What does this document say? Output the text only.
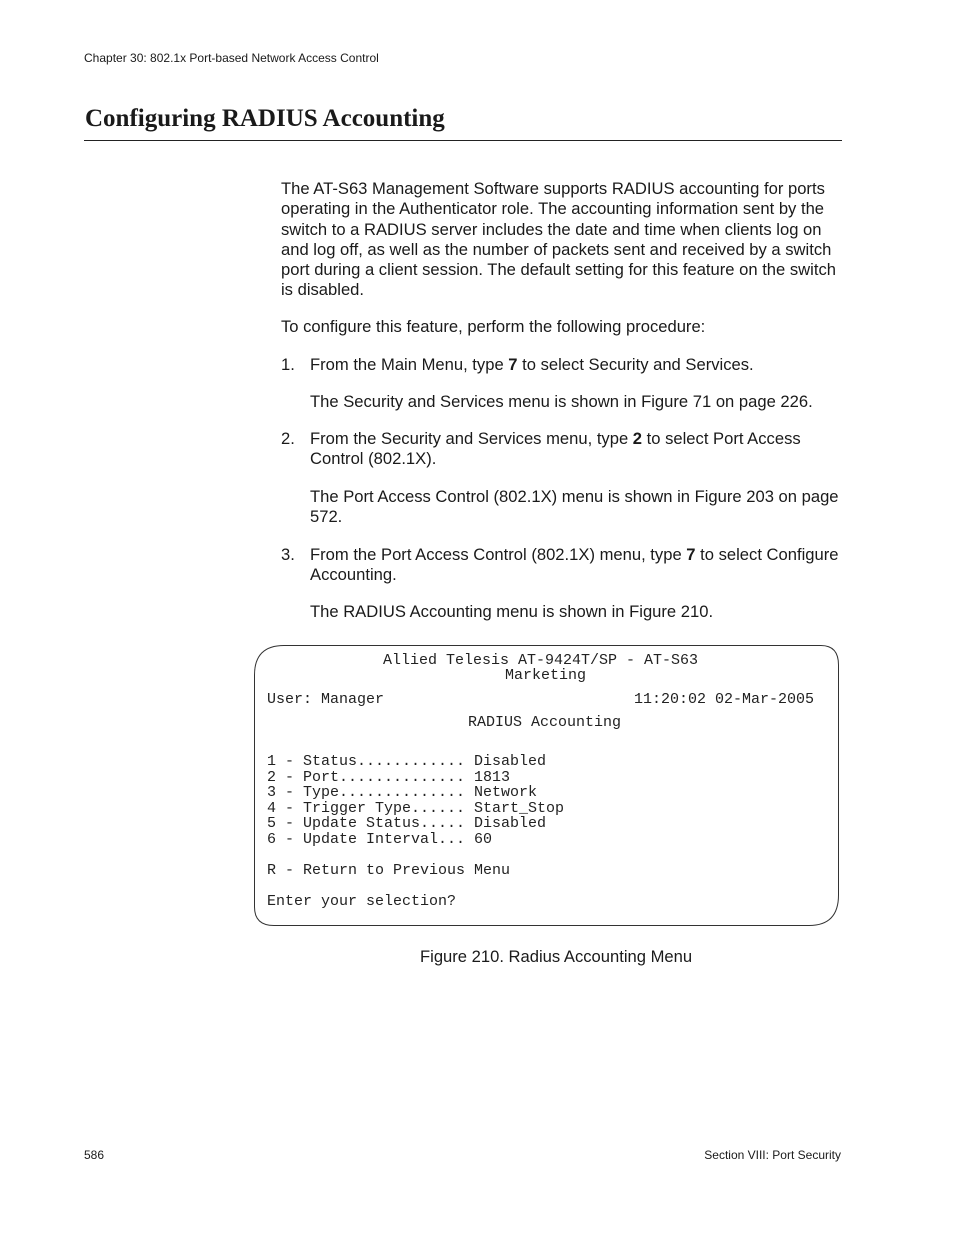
Chapter 30: 802.1x Port-based Network Access Control
Configuring RADIUS Accounting

The AT-S63 Management Software supports RADIUS accounting for ports operating in the Authenticator role. The accounting information sent by the switch to a RADIUS server includes the date and time when clients log on and log off, as well as the number of packets sent and received by a switch port during a client session. The default setting for this feature on the switch is disabled.

To configure this feature, perform the following procedure:

1. From the Main Menu, type 7 to select Security and Services.

The Security and Services menu is shown in Figure 71 on page 226.

2. From the Security and Services menu, type 2 to select Port Access Control (802.1X).

The Port Access Control (802.1X) menu is shown in Figure 203 on page 572.

3. From the Port Access Control (802.1X) menu, type 7 to select Configure Accounting.

The RADIUS Accounting menu is shown in Figure 210.

Allied Telesis AT-9424T/SP - AT-S63
Marketing
User: Manager	11:20:02 02-Mar-2005
RADIUS Accounting
1 - Status............ Disabled
2 - Port.............. 1813
3 - Type.............. Network
4 - Trigger Type...... Start_Stop
5 - Update Status..... Disabled
6 - Update Interval... 60
R - Return to Previous Menu
Enter your selection?
Figure 210. Radius Accounting Menu
586	Section VIII: Port Security
